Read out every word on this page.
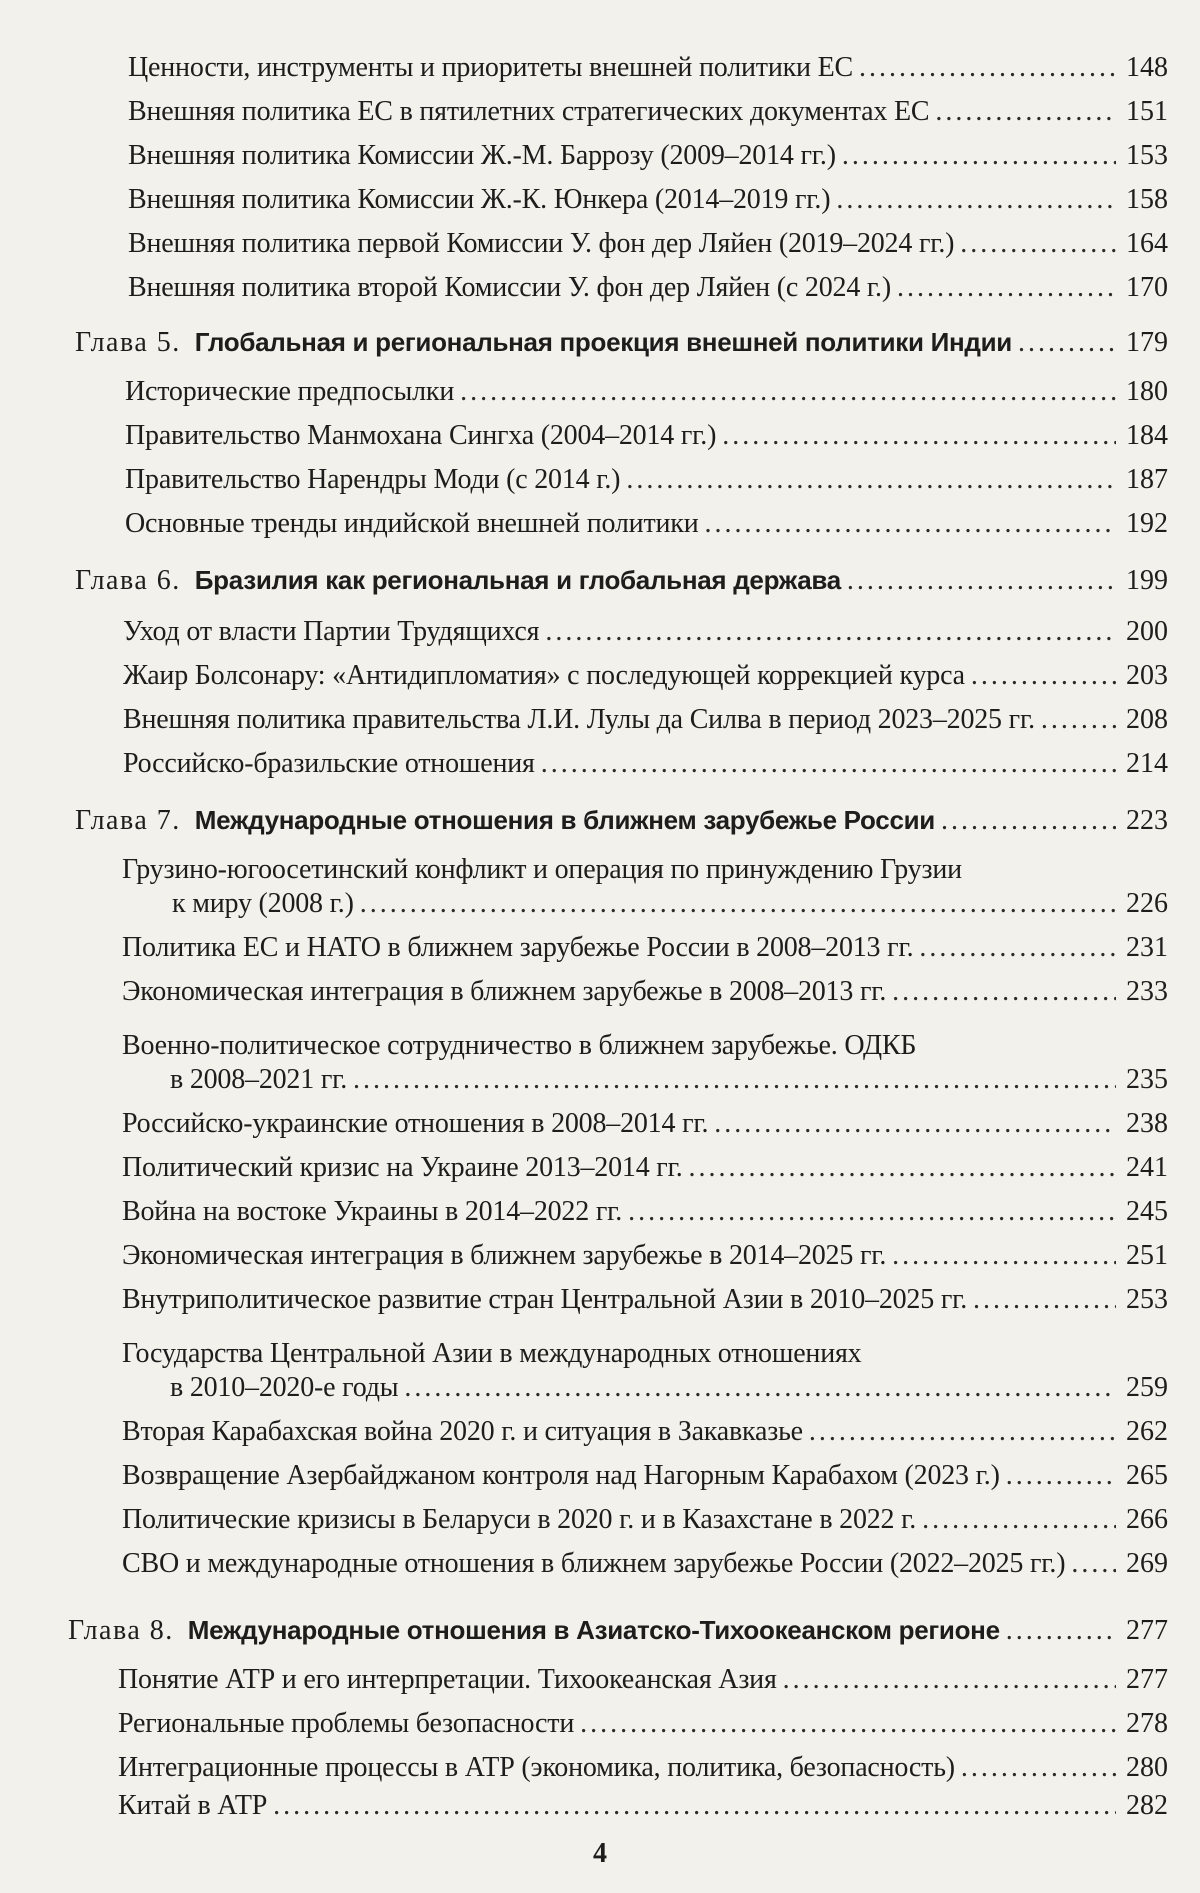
Ценности, инструменты и приоритеты внешней политики ЕС .....	148
Внешняя политика ЕС в пятилетних стратегических документах ЕС .....	151
Внешняя политика Комиссии Ж.-М. Баррозу (2009–2014 гг.) .....	153
Внешняя политика Комиссии Ж.-К. Юнкера (2014–2019 гг.) .....	158
Внешняя политика первой Комиссии У. фон дер Ляйен (2019–2024 гг.) .....	164
Внешняя политика второй Комиссии У. фон дер Ляйен (с 2024 г.) .....	170
Глава 5. Глобальная и региональная проекция внешней политики Индии .....	179
Исторические предпосылки .....	180
Правительство Манмохана Сингха (2004–2014 гг.) .....	184
Правительство Нарендры Моди (с 2014 г.) .....	187
Основные тренды индийской внешней политики .....	192
Глава 6. Бразилия как региональная и глобальная держава .....	199
Уход от власти Партии Трудящихся .....	200
Жаир Болсонару: «Антидипломатия» с последующей коррекцией курса .....	203
Внешняя политика правительства Л.И. Лулы да Силва в период 2023–2025 гг. .....	208
Российско-бразильские отношения .....	214
Глава 7. Международные отношения в ближнем зарубежье России .....	223
Грузино-югоосетинский конфликт и операция по принуждению Грузии
к миру (2008 г.) .....	226
Политика ЕС и НАТО в ближнем зарубежье России в 2008–2013 гг. .....	231
Экономическая интеграция в ближнем зарубежье в 2008–2013 гг. .....	233
Военно-политическое сотрудничество в ближнем зарубежье. ОДКБ
в 2008–2021 гг. .....	235
Российско-украинские отношения в 2008–2014 гг. .....	238
Политический кризис на Украине 2013–2014 гг. .....	241
Война на востоке Украины в 2014–2022 гг. .....	245
Экономическая интеграция в ближнем зарубежье в 2014–2025 гг. .....	251
Внутриполитическое развитие стран Центральной Азии в 2010–2025 гг. .....	253
Государства Центральной Азии в международных отношениях
в 2010–2020-е годы .....	259
Вторая Карабахская война 2020 г. и ситуация в Закавказье .....	262
Возвращение Азербайджаном контроля над Нагорным Карабахом (2023 г.) .....	265
Политические кризисы в Беларуси в 2020 г. и в Казахстане в 2022 г. .....	266
СВО и международные отношения в ближнем зарубежье России (2022–2025 гг.) ..... 269
Глава 8. Международные отношения в Азиатско-Тихоокеанском регионе .....	277
Понятие АТР и его интерпретации. Тихоокеанская Азия .....	277
Региональные проблемы безопасности .....	278
Интеграционные процессы в АТР (экономика, политика, безопасность) .....	280
Китай в АТР .....	282
4
